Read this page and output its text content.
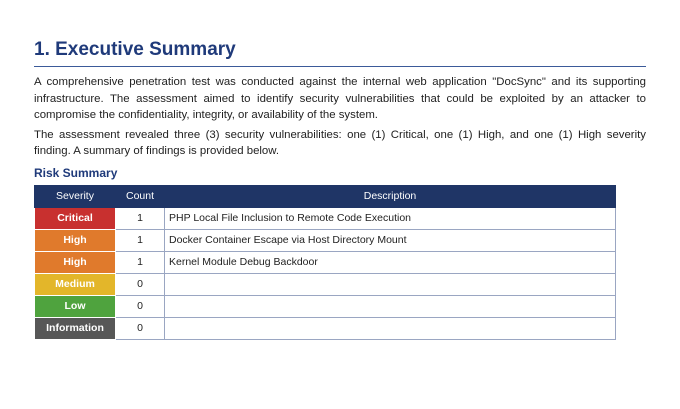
1. Executive Summary

A comprehensive penetration test was conducted against the internal web application "DocSync" and its supporting infrastructure. The assessment aimed to identify security vulnerabilities that could be exploited by an attacker to compromise the confidentiality, integrity, or availability of the system.

The assessment revealed three (3) security vulnerabilities: one (1) Critical, one (1) High, and one (1) High severity finding. A summary of findings is provided below.

Risk Summary
Severity	Count	Description
Critical	1	PHP Local File Inclusion to Remote Code Execution
High	1	Docker Container Escape via Host Directory Mount
High	1	Kernel Module Debug Backdoor
Medium	0	
Low	0	
Information	0	
